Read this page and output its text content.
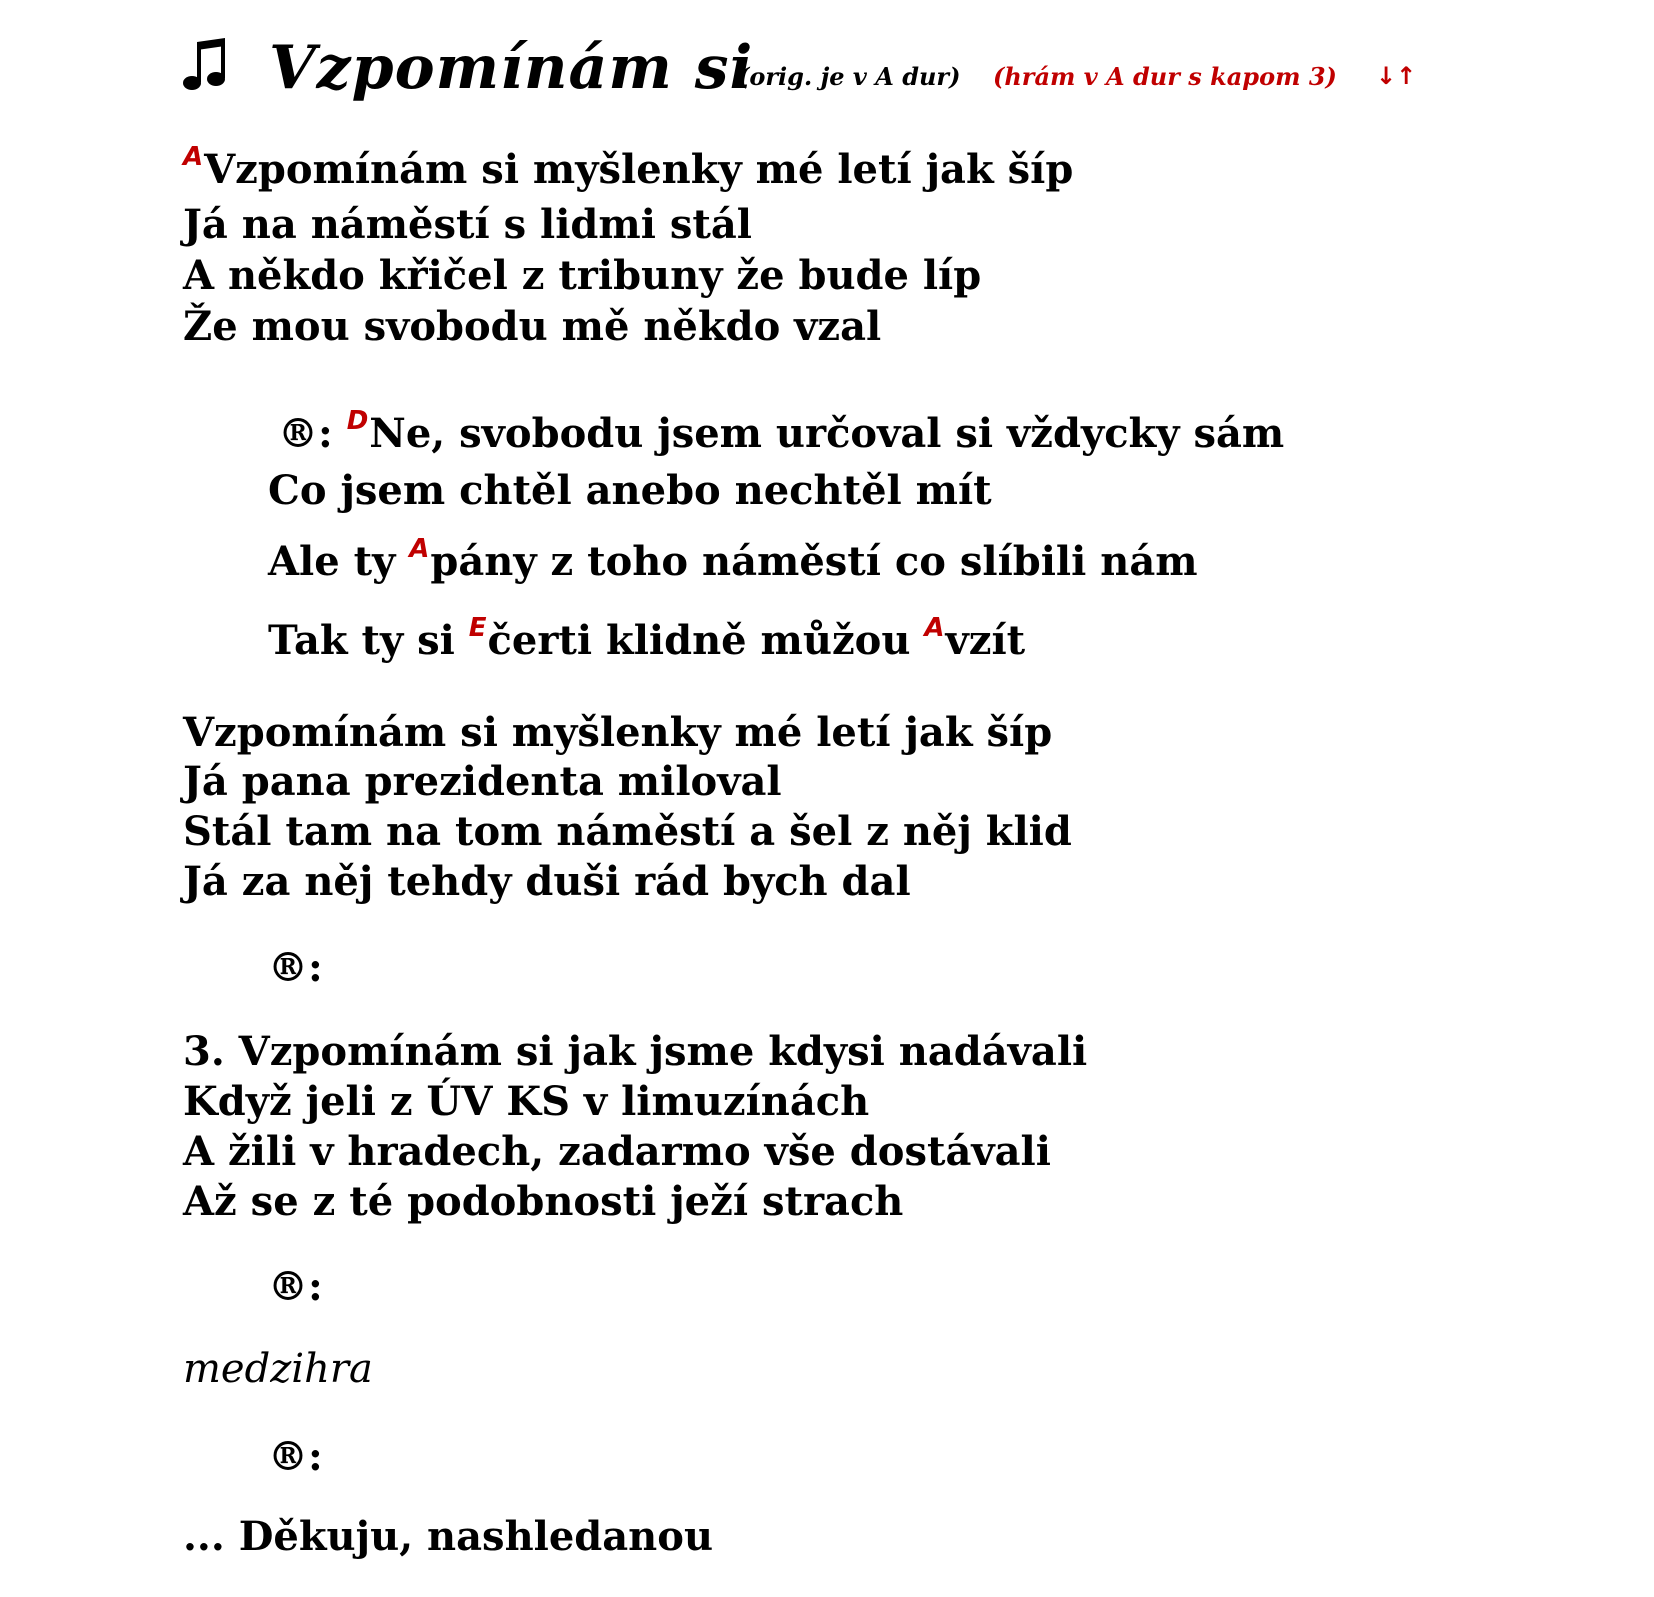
Vzpomínám si
(orig. je v A dur) (hrám v A dur s kapom 3) ↓↑
$^A$Vzpomínám si myšlenky mé letí jak šíp
Já na náměstí s lidmi stál
A někdo křičel z tribuny že bude líp
Že mou svobodu mě někdo vzal
®: $^D$Ne, svobodu jsem určoval si vždycky sám
Co jsem chtěl anebo nechtěl mít
Ale ty $^A$pány z toho náměstí co slíbili nám
Tak ty si $^E$čerti klidně můžou $^A$vzít
Vzpomínám si myšlenky mé letí jak šíp
Já pana prezidenta miloval
Stál tam na tom náměstí a šel z něj klid
Já za něj tehdy duši rád bych dal
®:
3. Vzpomínám si jak jsme kdysi nadávali
Když jeli z ÚV KS v limuzínách
A žili v hradech, zadarmo vše dostávali
Až se z té podobnosti ježí strach
®:
medzihra
®:
... Děkuju, nashledanou
